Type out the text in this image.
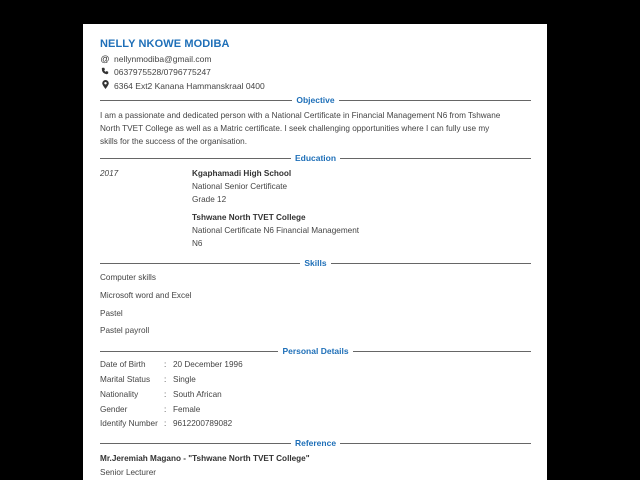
NELLY NKOWE MODIBA
@ nellynmodiba@gmail.com
0637975528/0796775247
6364 Ext2 Kanana Hammanskraal 0400
Objective
I am a passionate and dedicated person with a National Certificate in Financial Management N6 from Tshwane
North TVET College as well as a Matric certificate. I seek challenging opportunities where I can fully use my
skills for the success of the organisation.
Education
2017	Kgaphamadi High School
National Senior Certificate
Grade 12
Tshwane North TVET College
National Certificate N6 Financial Management
N6
Skills
Computer skills
Microsoft word and Excel
Pastel
Pastel payroll
Personal Details
Date of Birth : 20 December 1996
Marital Status : Single
Nationality	: South African
Gender	: Female
Identify Number : 9612200789082
Reference
Mr.Jeremiah Magano - "Tshwane North TVET College"
Senior Lecturer
